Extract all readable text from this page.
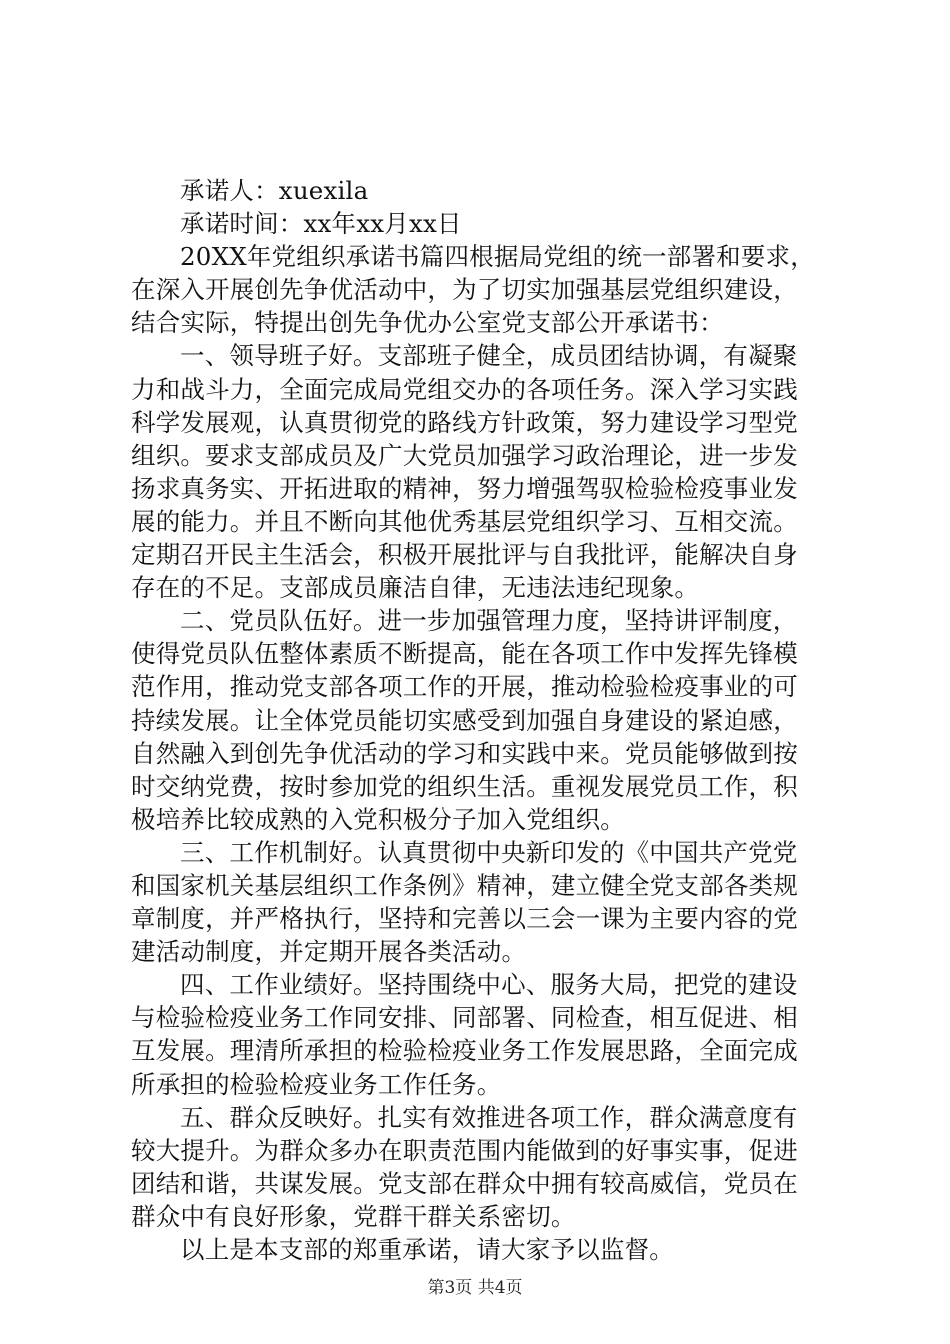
承诺人：xuexila
承诺时间：xx年xx月xx日
20XX年党组织承诺书篇四根据局党组的统一部署和要求，
在深入开展创先争优活动中，为了切实加强基层党组织建设，
结合实际，特提出创先争优办公室党支部公开承诺书：
一、领导班子好。支部班子健全，成员团结协调，有凝聚
力和战斗力，全面完成局党组交办的各项任务。深入学习实践
科学发展观，认真贯彻党的路线方针政策，努力建设学习型党
组织。要求支部成员及广大党员加强学习政治理论，进一步发
扬求真务实、开拓进取的精神，努力增强驾驭检验检疫事业发
展的能力。并且不断向其他优秀基层党组织学习、互相交流。
定期召开民主生活会，积极开展批评与自我批评，能解决自身
存在的不足。支部成员廉洁自律，无违法违纪现象。
二、党员队伍好。进一步加强管理力度，坚持讲评制度，
使得党员队伍整体素质不断提高，能在各项工作中发挥先锋模
范作用，推动党支部各项工作的开展，推动检验检疫事业的可
持续发展。让全体党员能切实感受到加强自身建设的紧迫感，
自然融入到创先争优活动的学习和实践中来。党员能够做到按
时交纳党费，按时参加党的组织生活。重视发展党员工作，积
极培养比较成熟的入党积极分子加入党组织。
三、工作机制好。认真贯彻中央新印发的《中国共产党党
和国家机关基层组织工作条例》精神，建立健全党支部各类规
章制度，并严格执行，坚持和完善以三会一课为主要内容的党
建活动制度，并定期开展各类活动。
四、工作业绩好。坚持围绕中心、服务大局，把党的建设
与检验检疫业务工作同安排、同部署、同检查，相互促进、相
互发展。理清所承担的检验检疫业务工作发展思路，全面完成
所承担的检验检疫业务工作任务。
五、群众反映好。扎实有效推进各项工作，群众满意度有
较大提升。为群众多办在职责范围内能做到的好事实事，促进
团结和谐，共谋发展。党支部在群众中拥有较高威信，党员在
群众中有良好形象，党群干群关系密切。
以上是本支部的郑重承诺，请大家予以监督。
第3页 共4页
